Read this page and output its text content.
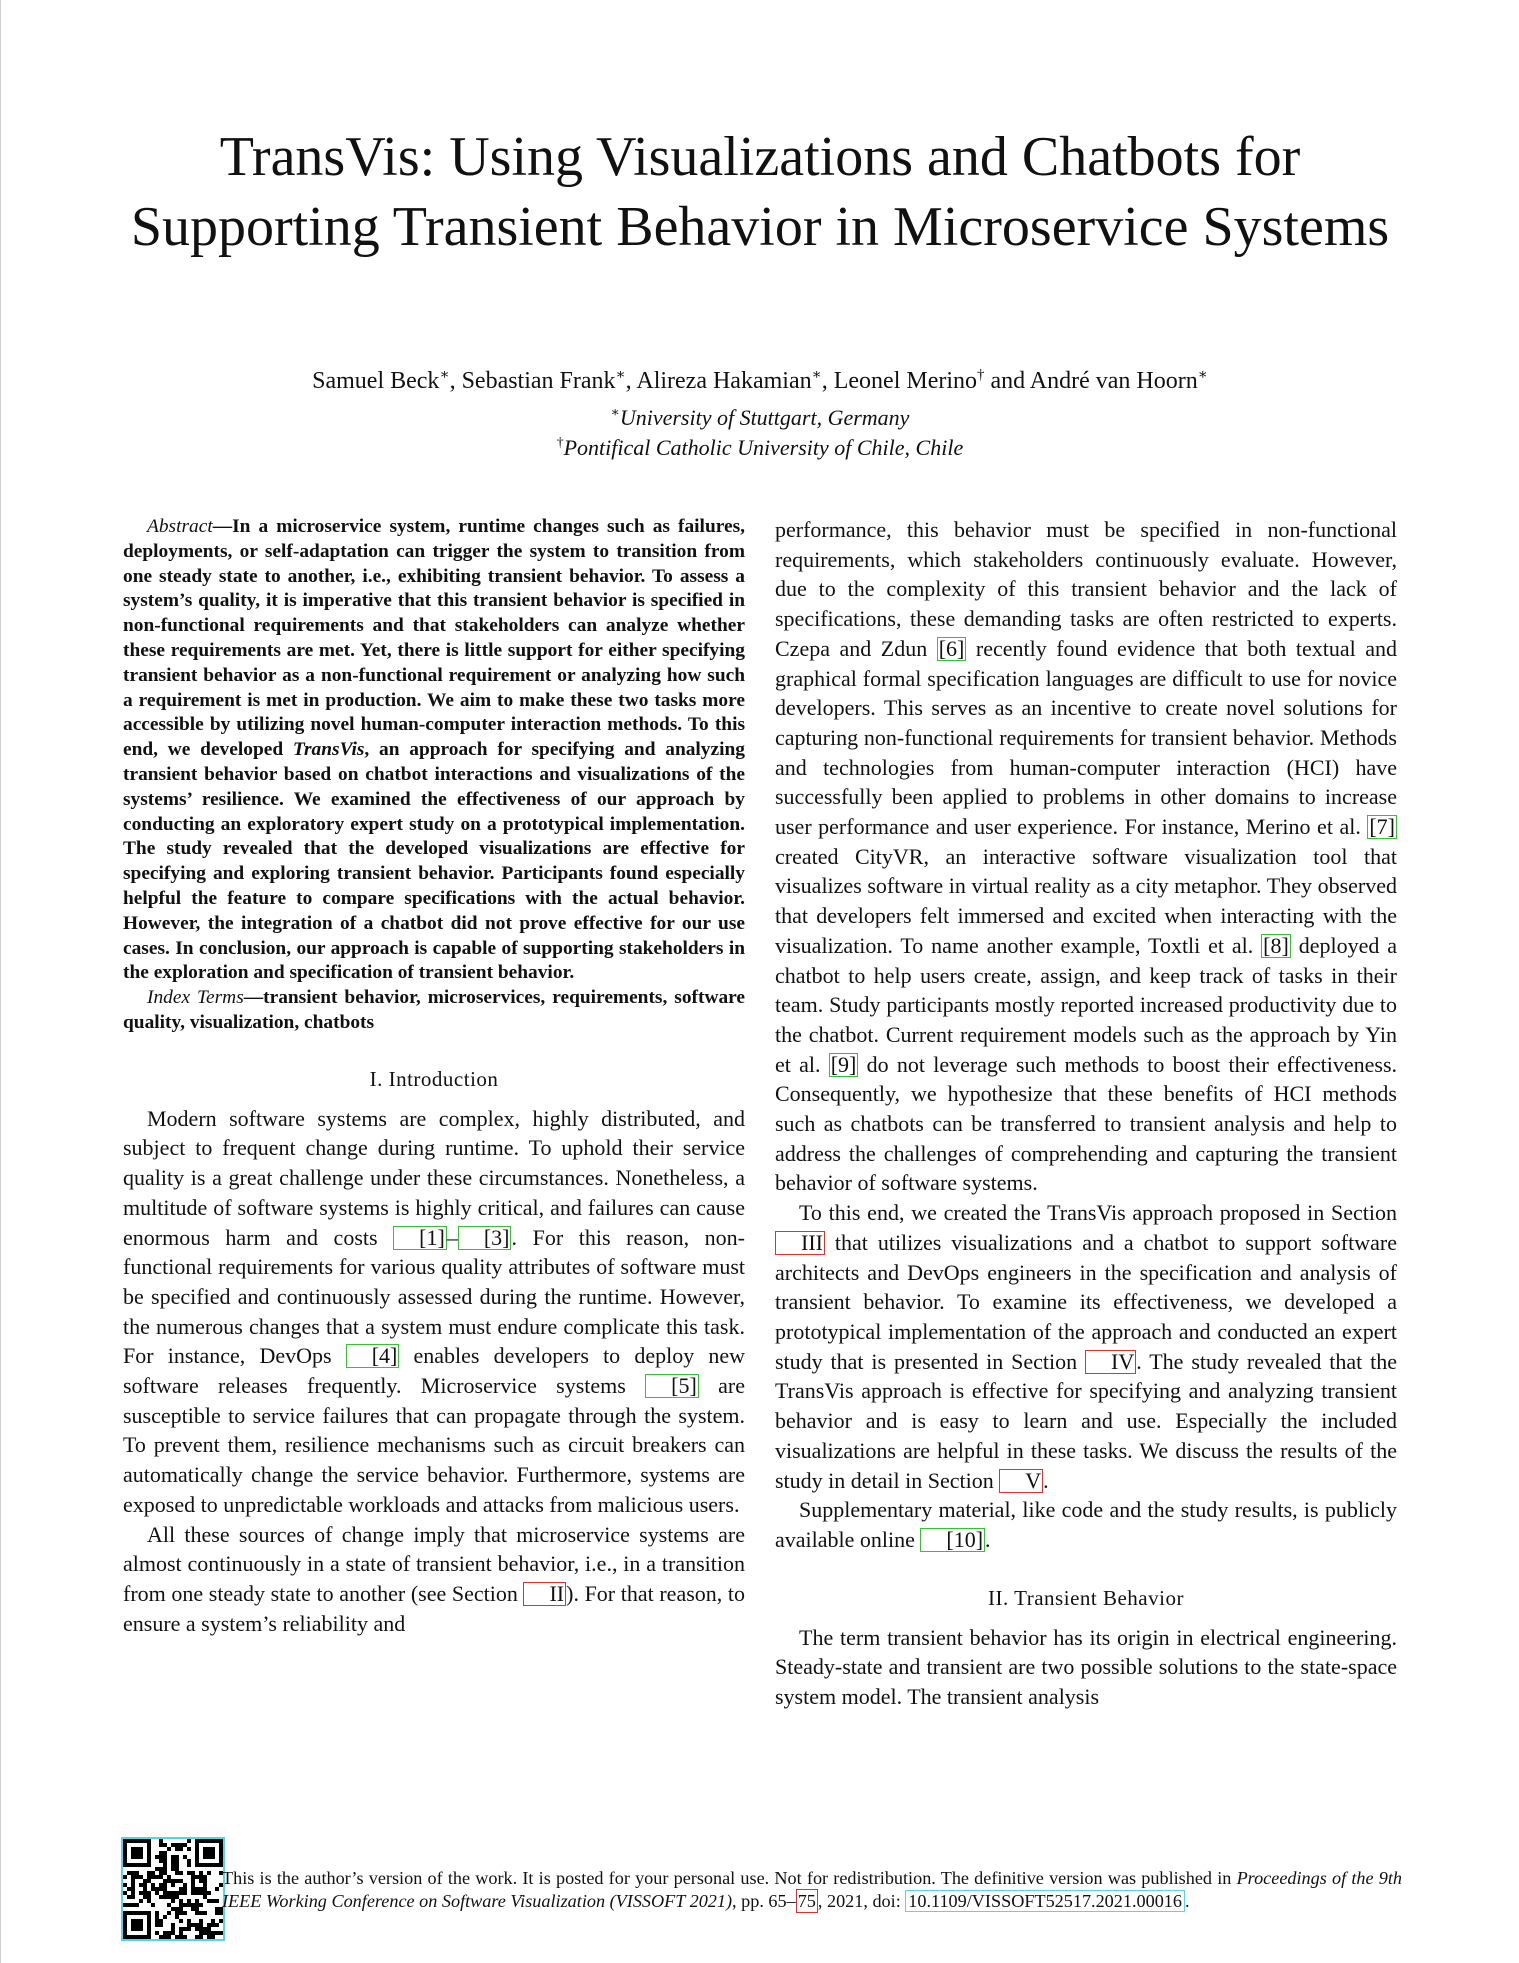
TransVis: Using Visualizations and Chatbots for Supporting Transient Behavior in Microservice Systems
Samuel Beck∗, Sebastian Frank∗, Alireza Hakamian∗, Leonel Merino† and André van Hoorn∗
∗University of Stuttgart, Germany
†Pontifical Catholic University of Chile, Chile

Abstract—In a microservice system, runtime changes such as failures, deployments, or self-adaptation can trigger the system to transition from one steady state to another, i.e., exhibiting transient behavior. To assess a system’s quality, it is imperative that this transient behavior is specified in non-functional requirements and that stakeholders can analyze whether these requirements are met. Yet, there is little support for either specifying transient behavior as a non-functional requirement or analyzing how such a requirement is met in production. We aim to make these two tasks more accessible by utilizing novel human-computer interaction methods. To this end, we developed TransVis, an approach for specifying and analyzing transient behavior based on chatbot interactions and visualizations of the systems’ resilience. We examined the effectiveness of our approach by conducting an exploratory expert study on a prototypical implementation. The study revealed that the developed visualizations are effective for specifying and exploring transient behavior. Participants found especially helpful the feature to compare specifications with the actual behavior. However, the integration of a chatbot did not prove effective for our use cases. In conclusion, our approach is capable of supporting stakeholders in the exploration and specification of transient behavior.

Index Terms—transient behavior, microservices, requirements, software quality, visualization, chatbots

I. Introduction

Modern software systems are complex, highly distributed, and subject to frequent change during runtime. To uphold their service quality is a great challenge under these circumstances. Nonetheless, a multitude of software systems is highly critical, and failures can cause enormous harm and costs [1]– [3]. For this reason, non-functional requirements for various quality attributes of software must be specified and continuously assessed during the runtime. However, the numerous changes that a system must endure complicate this task. For instance, DevOps [4] enables developers to deploy new software releases frequently. Microservice systems [5] are susceptible to service failures that can propagate through the system. To prevent them, resilience mechanisms such as circuit breakers can automatically change the service behavior. Furthermore, systems are exposed to unpredictable workloads and attacks from malicious users.

All these sources of change imply that microservice systems are almost continuously in a state of transient behavior, i.e., in a transition from one steady state to another (see Section II). For that reason, to ensure a system’s reliability and

performance, this behavior must be specified in non-functional requirements, which stakeholders continuously evaluate. However, due to the complexity of this transient behavior and the lack of specifications, these demanding tasks are often restricted to experts. Czepa and Zdun [6] recently found evidence that both textual and graphical formal specification languages are difficult to use for novice developers. This serves as an incentive to create novel solutions for capturing non-functional requirements for transient behavior. Methods and technologies from human-computer interaction (HCI) have successfully been applied to problems in other domains to increase user performance and user experience. For instance, Merino et al. [7] created CityVR, an interactive software visualization tool that visualizes software in virtual reality as a city metaphor. They observed that developers felt immersed and excited when interacting with the visualization. To name another example, Toxtli et al. [8] deployed a chatbot to help users create, assign, and keep track of tasks in their team. Study participants mostly reported increased productivity due to the chatbot. Current requirement models such as the approach by Yin et al. [9] do not leverage such methods to boost their effectiveness. Consequently, we hypothesize that these benefits of HCI methods such as chatbots can be transferred to transient analysis and help to address the challenges of comprehending and capturing the transient behavior of software systems.

To this end, we created the TransVis approach proposed in Section III that utilizes visualizations and a chatbot to support software architects and DevOps engineers in the specification and analysis of transient behavior. To examine its effectiveness, we developed a prototypical implementation of the approach and conducted an expert study that is presented in Section IV. The study revealed that the TransVis approach is effective for specifying and analyzing transient behavior and is easy to learn and use. Especially the included visualizations are helpful in these tasks. We discuss the results of the study in detail in Section V.

Supplementary material, like code and the study results, is publicly available online [10].

II. Transient Behavior

The term transient behavior has its origin in electrical engineering. Steady-state and transient are two possible solutions to the state-space system model. The transient analysis

This is the author’s version of the work. It is posted for your personal use. Not for redistribution. The definitive version was published in Proceedings of the 9th IEEE Working Conference on Software Visualization (VISSOFT 2021), pp. 65– 75 , 2021, doi: 10.1109/VISSOFT52517.2021.00016 .
